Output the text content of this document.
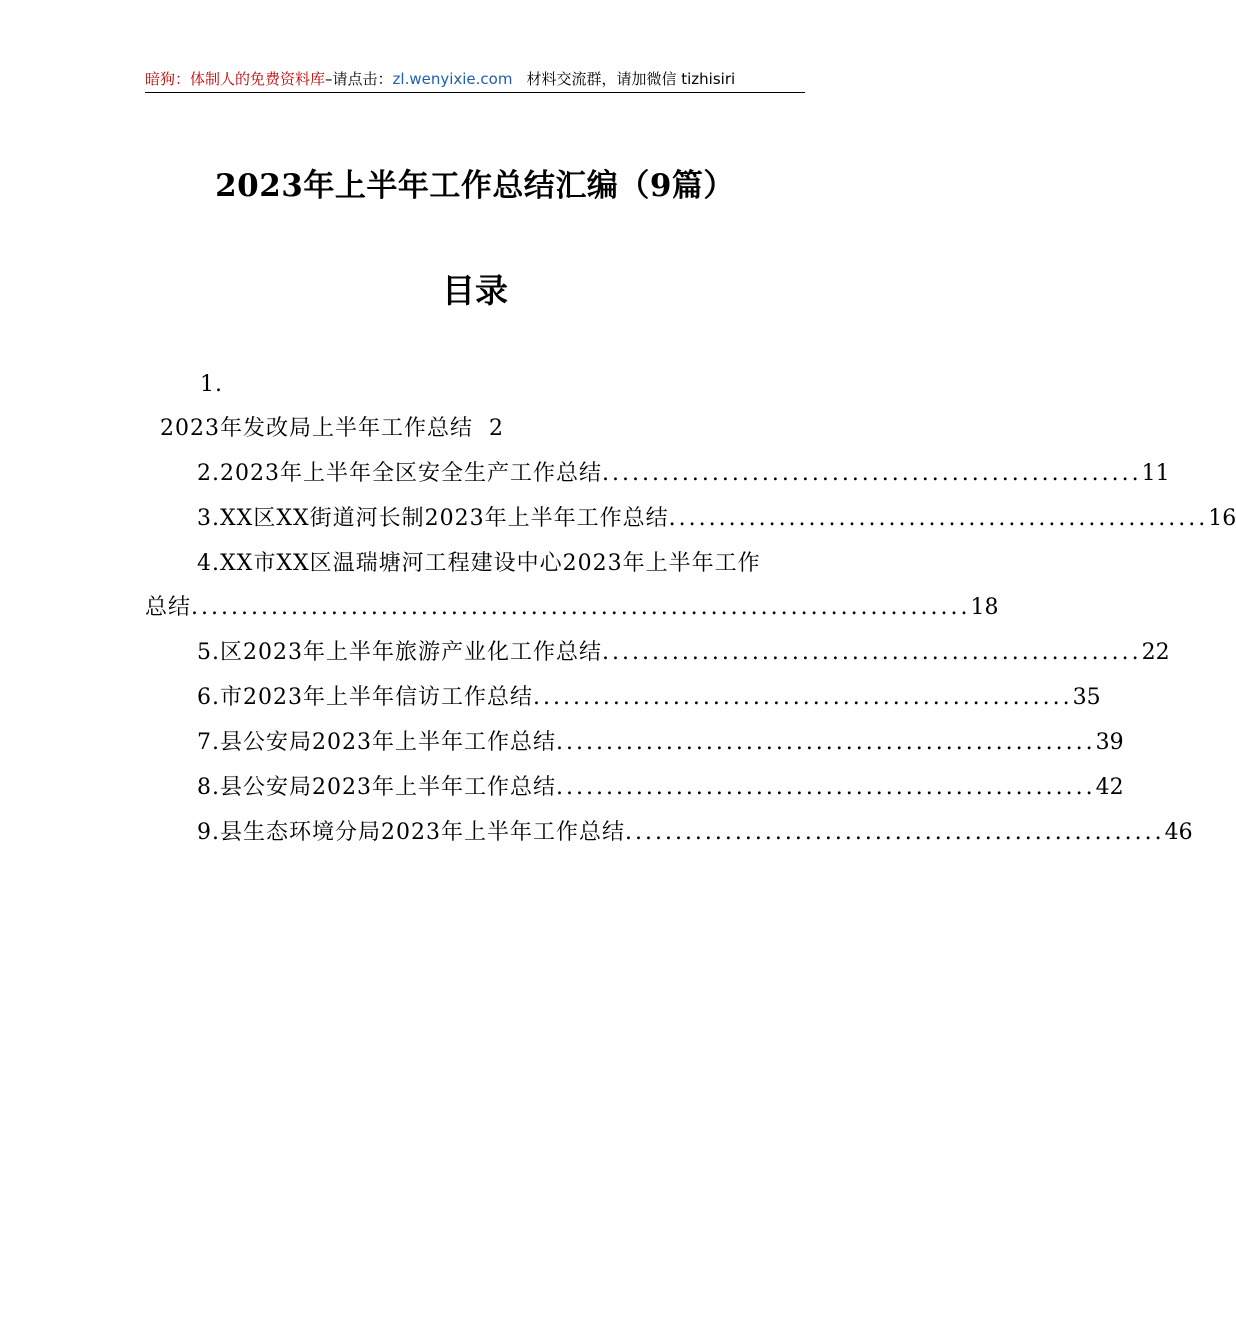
暗狗：体制人的免费资料库–请点击：zl.wenyixie.com 材料交流群，请加微信 tizhisiri
2023年上半年工作总结汇编（9篇）
目录
1.
2023年发改局上半年工作总结 2
2.2023年上半年全区安全生产工作总结 ...................................................... 11
3.XX区XX街道河长制2023年上半年工作总结 ...................................................... 16
4.XX市XX区温瑞塘河工程建设中心2023年上半年工作
总结 .............................................................................. 18
5.区2023年上半年旅游产业化工作总结 ...................................................... 22
6.市2023年上半年信访工作总结 ...................................................... 35
7.县公安局2023年上半年工作总结 ...................................................... 39
8.县公安局2023年上半年工作总结 ...................................................... 42
9.县生态环境分局2023年上半年工作总结 ...................................................... 46
